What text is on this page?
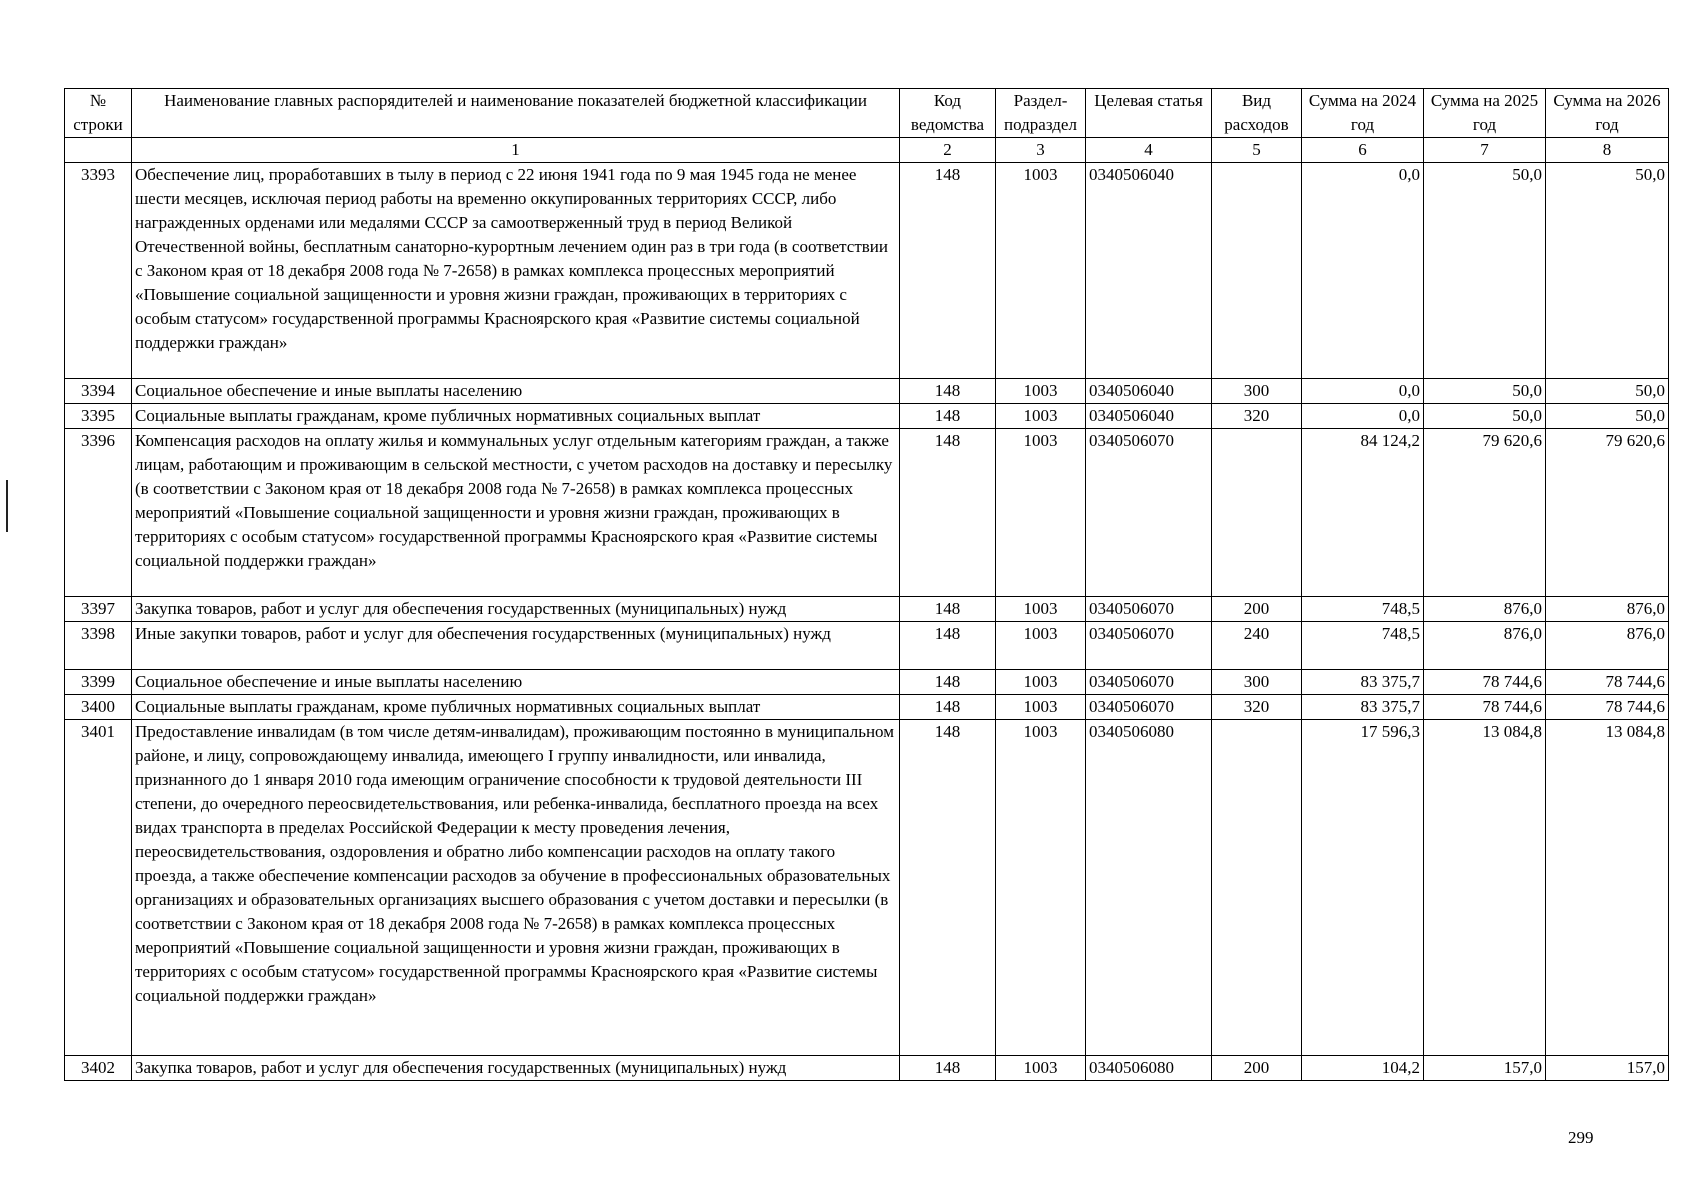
№ строки	Наименование главных распорядителей и наименование показателей бюджетной классификации	Код ведомства	Раздел-подраздел	Целевая статья	Вид расходов	Сумма на 2024 год	Сумма на 2025 год	Сумма на 2026 год
	1	2	3	4	5	6	7	8
3393	Обеспечение лиц, проработавших в тылу в период с 22 июня 1941 года по 9 мая 1945 года не менее шести месяцев, исключая период работы на временно оккупированных территориях СССР, либо награжденных орденами или медалями СССР за самоотверженный труд в период Великой Отечественной войны, бесплатным санаторно-курортным лечением один раз в три года (в соответствии с Законом края от 18 декабря 2008 года № 7-2658) в рамках комплекса процессных мероприятий «Повышение социальной защищенности и уровня жизни граждан, проживающих в территориях с особым статусом» государственной программы Красноярского края «Развитие системы социальной поддержки граждан»	148	1003	0340506040		0,0	50,0	50,0
3394	Социальное обеспечение и иные выплаты населению	148	1003	0340506040	300	0,0	50,0	50,0
3395	Социальные выплаты гражданам, кроме публичных нормативных социальных выплат	148	1003	0340506040	320	0,0	50,0	50,0
3396	Компенсация расходов на оплату жилья и коммунальных услуг отдельным категориям граждан, а также лицам, работающим и проживающим в сельской местности, с учетом расходов на доставку и пересылку (в соответствии с Законом края от 18 декабря 2008 года № 7-2658) в рамках комплекса процессных мероприятий «Повышение социальной защищенности и уровня жизни граждан, проживающих в территориях с особым статусом» государственной программы Красноярского края «Развитие системы социальной поддержки граждан»	148	1003	0340506070		84 124,2	79 620,6	79 620,6
3397	Закупка товаров, работ и услуг для обеспечения государственных (муниципальных) нужд	148	1003	0340506070	200	748,5	876,0	876,0
3398	Иные закупки товаров, работ и услуг для обеспечения государственных (муниципальных) нужд	148	1003	0340506070	240	748,5	876,0	876,0
3399	Социальное обеспечение и иные выплаты населению	148	1003	0340506070	300	83 375,7	78 744,6	78 744,6
3400	Социальные выплаты гражданам, кроме публичных нормативных социальных выплат	148	1003	0340506070	320	83 375,7	78 744,6	78 744,6
3401	Предоставление инвалидам (в том числе детям-инвалидам), проживающим постоянно в муниципальном районе, и лицу, сопровождающему инвалида, имеющего I группу инвалидности, или инвалида, признанного до 1 января 2010 года имеющим ограничение способности к трудовой деятельности III степени, до очередного переосвидетельствования, или ребенка-инвалида, бесплатного проезда на всех видах транспорта в пределах Российской Федерации к месту проведения лечения, переосвидетельствования, оздоровления и обратно либо компенсации расходов на оплату такого проезда, а также обеспечение компенсации расходов за обучение в профессиональных образовательных организациях и образовательных организациях высшего образования с учетом доставки и пересылки (в соответствии с Законом края от 18 декабря 2008 года № 7-2658) в рамках комплекса процессных мероприятий «Повышение социальной защищенности и уровня жизни граждан, проживающих в территориях с особым статусом» государственной программы Красноярского края «Развитие системы социальной поддержки граждан»	148	1003	0340506080		17 596,3	13 084,8	13 084,8
3402	Закупка товаров, работ и услуг для обеспечения государственных (муниципальных) нужд	148	1003	0340506080	200	104,2	157,0	157,0
299
